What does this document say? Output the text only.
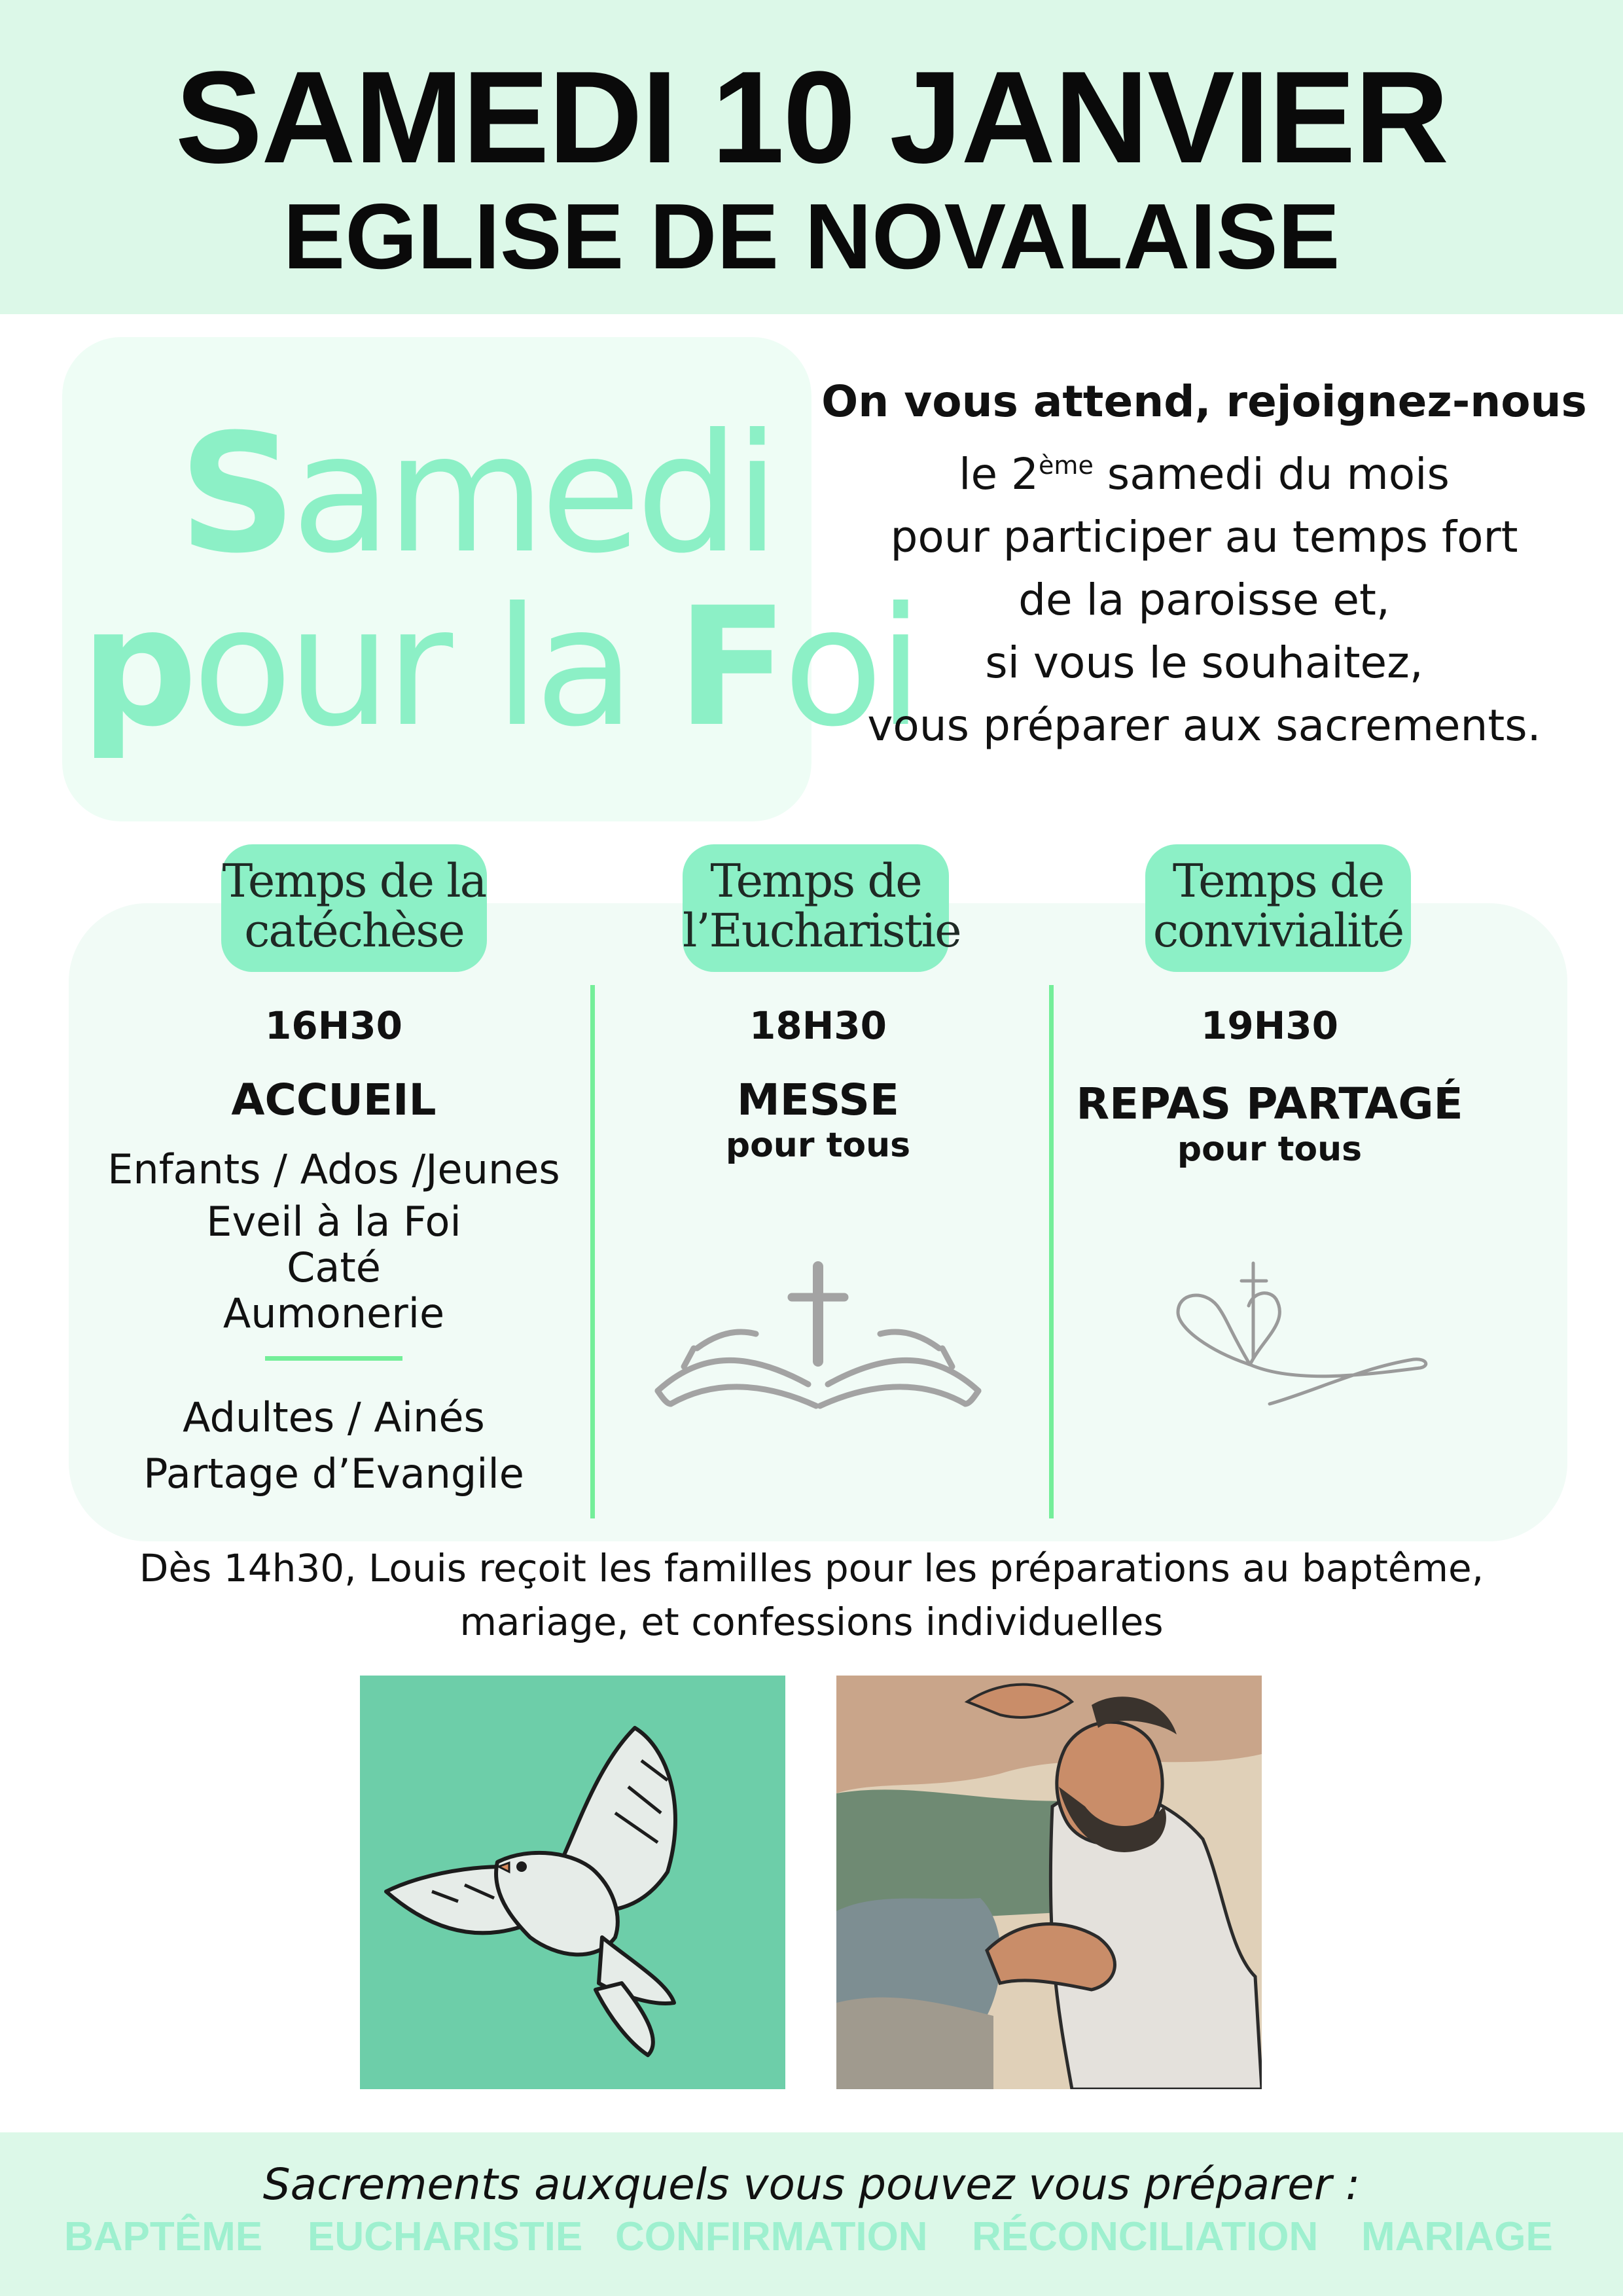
SAMEDI 10 JANVIER
EGLISE DE NOVALAISE
Samedi
pour la Foi
On vous attend, rejoignez-nous
le 2ème samedi du mois
pour participer au temps fort
de la paroisse et,
si vous le souhaitez,
vous préparer aux sacrements.
Temps de la
catéchèse
Temps de
l’Eucharistie
Temps de
convivialité
16H30
ACCUEIL
Enfants / Ados /Jeunes
Eveil à la Foi
Caté
Aumonerie
Adultes / Ainés
Partage d’Evangile
18H30
MESSE
pour tous
19H30
REPAS PARTAGÉ
pour tous
Dès 14h30, Louis reçoit les familles pour les préparations au baptême,
mariage, et confessions individuelles
Sacrements auxquels vous pouvez vous préparer :
BAPTÊME EUCHARISTIE CONFIRMATION RÉCONCILIATION MARIAGE
